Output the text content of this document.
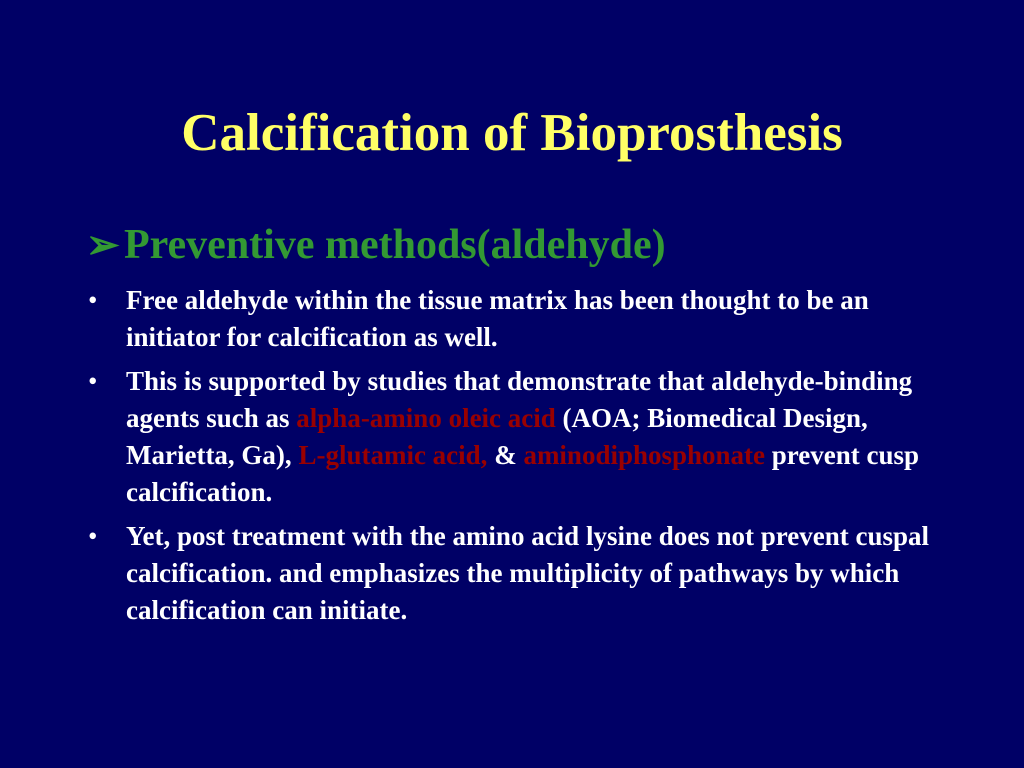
Calcification of Bioprosthesis
➢ Preventive methods(aldehyde)
• Free aldehyde within the tissue matrix has been thought to be an initiator for calcification as well.
• This is supported by studies that demonstrate that aldehyde-binding agents such as alpha-amino oleic acid (AOA; Biomedical Design, Marietta, Ga), L-glutamic acid, & aminodiphosphonate prevent cusp calcification.
• Yet, post treatment with the amino acid lysine does not prevent cuspal calcification. and emphasizes the multiplicity of pathways by which calcification can initiate.
